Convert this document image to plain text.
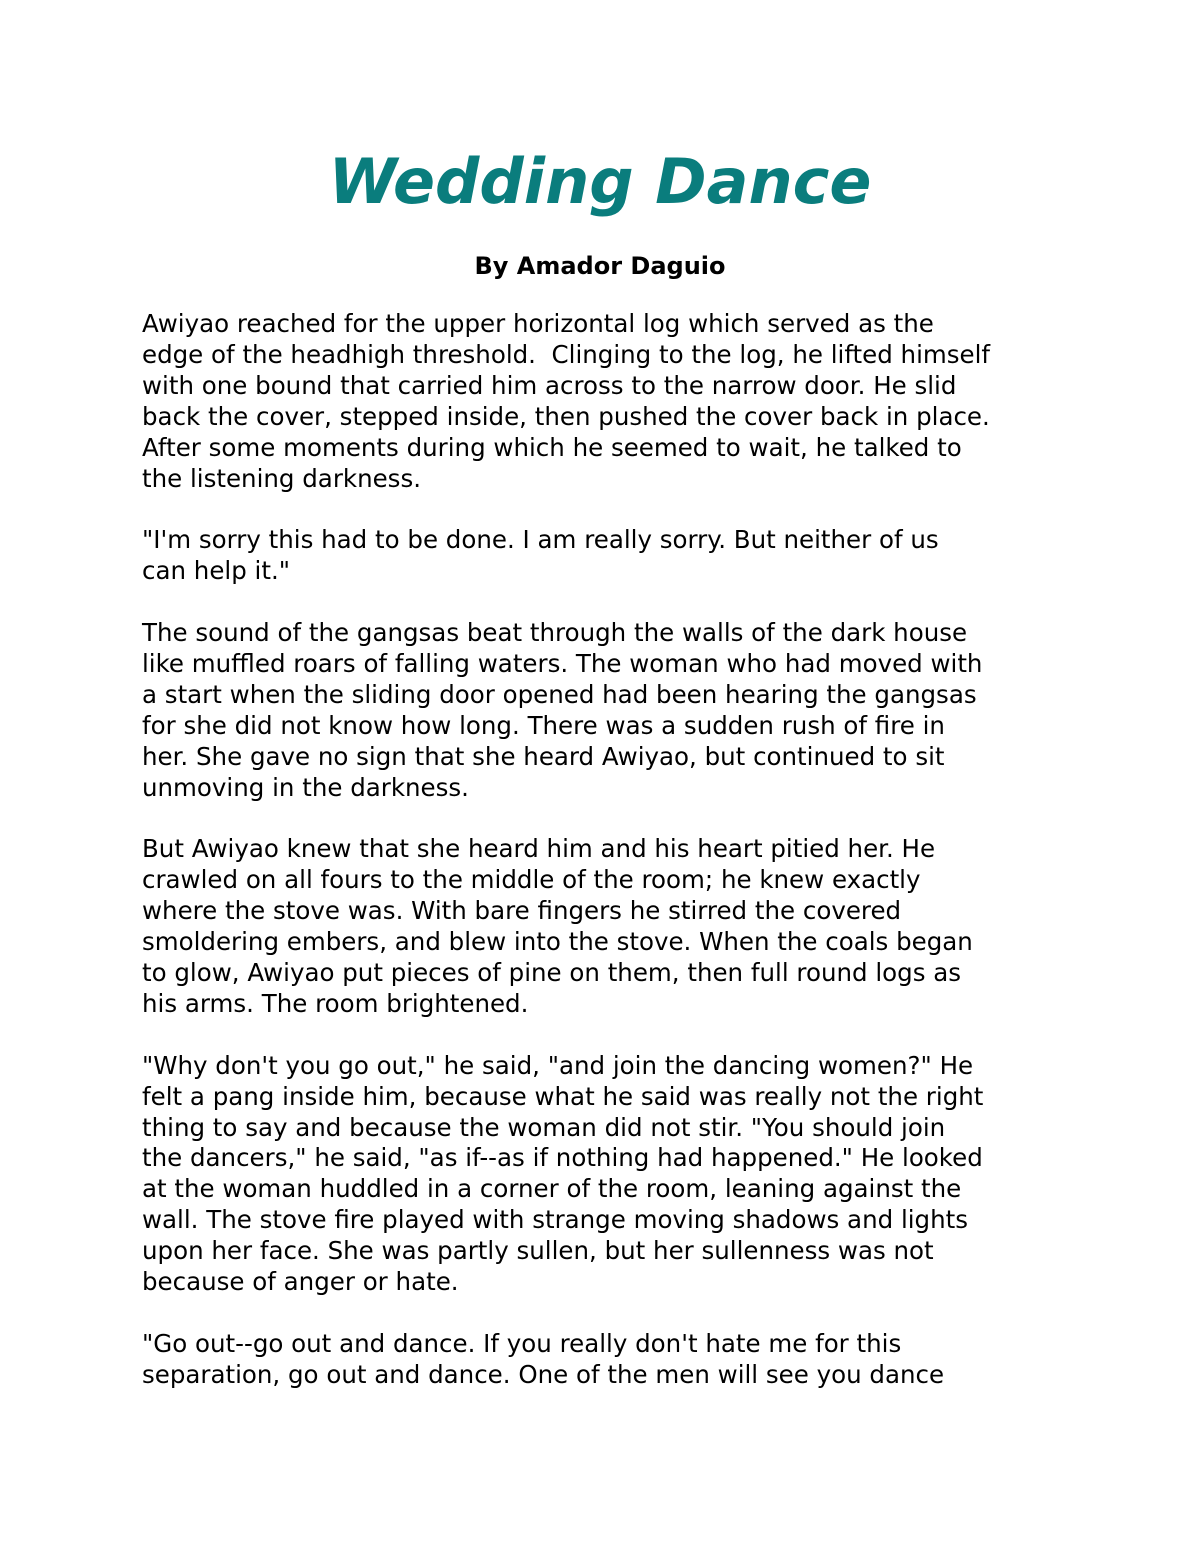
Wedding Dance
By Amador Daguio

Awiyao reached for the upper horizontal log which served as the
edge of the headhigh threshold.  Clinging to the log, he lifted himself
with one bound that carried him across to the narrow door. He slid
back the cover, stepped inside, then pushed the cover back in place.
After some moments during which he seemed to wait, he talked to
the listening darkness.

"I'm sorry this had to be done. I am really sorry. But neither of us
can help it."

The sound of the gangsas beat through the walls of the dark house
like muffled roars of falling waters. The woman who had moved with
a start when the sliding door opened had been hearing the gangsas
for she did not know how long. There was a sudden rush of fire in
her. She gave no sign that she heard Awiyao, but continued to sit
unmoving in the darkness.

But Awiyao knew that she heard him and his heart pitied her. He
crawled on all fours to the middle of the room; he knew exactly
where the stove was. With bare fingers he stirred the covered
smoldering embers, and blew into the stove. When the coals began
to glow, Awiyao put pieces of pine on them, then full round logs as
his arms. The room brightened.

"Why don't you go out," he said, "and join the dancing women?" He
felt a pang inside him, because what he said was really not the right
thing to say and because the woman did not stir. "You should join
the dancers," he said, "as if--as if nothing had happened." He looked
at the woman huddled in a corner of the room, leaning against the
wall. The stove fire played with strange moving shadows and lights
upon her face. She was partly sullen, but her sullenness was not
because of anger or hate.

"Go out--go out and dance. If you really don't hate me for this
separation, go out and dance. One of the men will see you dance
